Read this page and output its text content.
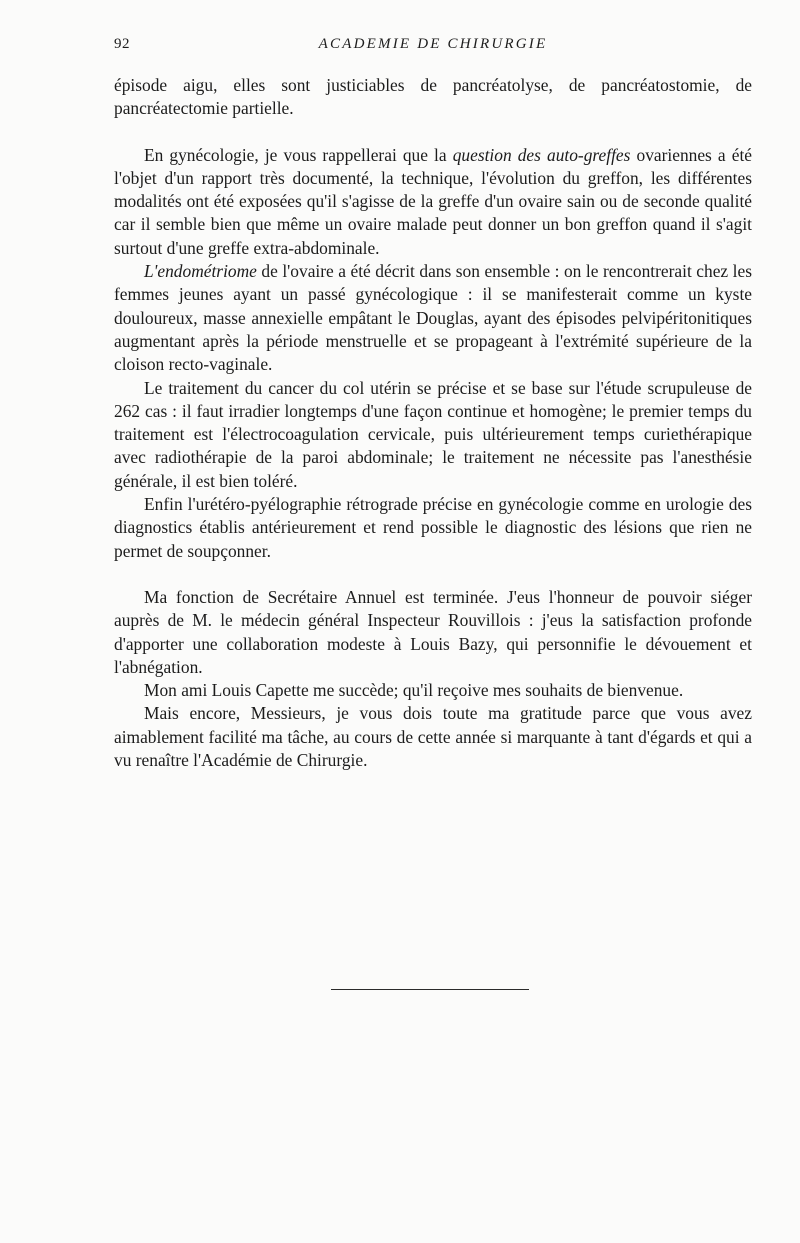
92	ACADEMIE DE CHIRURGIE

épisode aigu, elles sont justiciables de pancréatolyse, de pancréatostomie, de pancréatectomie partielle.

En gynécologie, je vous rappellerai que la question des auto-greffes ovariennes a été l'objet d'un rapport très documenté, la technique, l'évolution du greffon, les différentes modalités ont été exposées qu'il s'agisse de la greffe d'un ovaire sain ou de seconde qualité car il semble bien que même un ovaire malade peut donner un bon greffon quand il s'agit surtout d'une greffe extra-abdominale.

L'endométriome de l'ovaire a été décrit dans son ensemble : on le rencontrerait chez les femmes jeunes ayant un passé gynécologique : il se manifesterait comme un kyste douloureux, masse annexielle empâtant le Douglas, ayant des épisodes pelvipéritonitiques augmentant après la période menstruelle et se propageant à l'extrémité supérieure de la cloison recto-vaginale.

Le traitement du cancer du col utérin se précise et se base sur l'étude scrupuleuse de 262 cas : il faut irradier longtemps d'une façon continue et homogène; le premier temps du traitement est l'électrocoagulation cervicale, puis ultérieurement temps curiethérapique avec radiothérapie de la paroi abdominale; le traitement ne nécessite pas l'anesthésie générale, il est bien toléré.

Enfin l'urétéro-pyélographie rétrograde précise en gynécologie comme en urologie des diagnostics établis antérieurement et rend possible le diagnostic des lésions que rien ne permet de soupçonner.

Ma fonction de Secrétaire Annuel est terminée. J'eus l'honneur de pouvoir siéger auprès de M. le médecin général Inspecteur Rouvillois : j'eus la satisfaction profonde d'apporter une collaboration modeste à Louis Bazy, qui personnifie le dévouement et l'abnégation.

Mon ami Louis Capette me succède; qu'il reçoive mes souhaits de bienvenue.

Mais encore, Messieurs, je vous dois toute ma gratitude parce que vous avez aimablement facilité ma tâche, au cours de cette année si marquante à tant d'égards et qui a vu renaître l'Académie de Chirurgie.
